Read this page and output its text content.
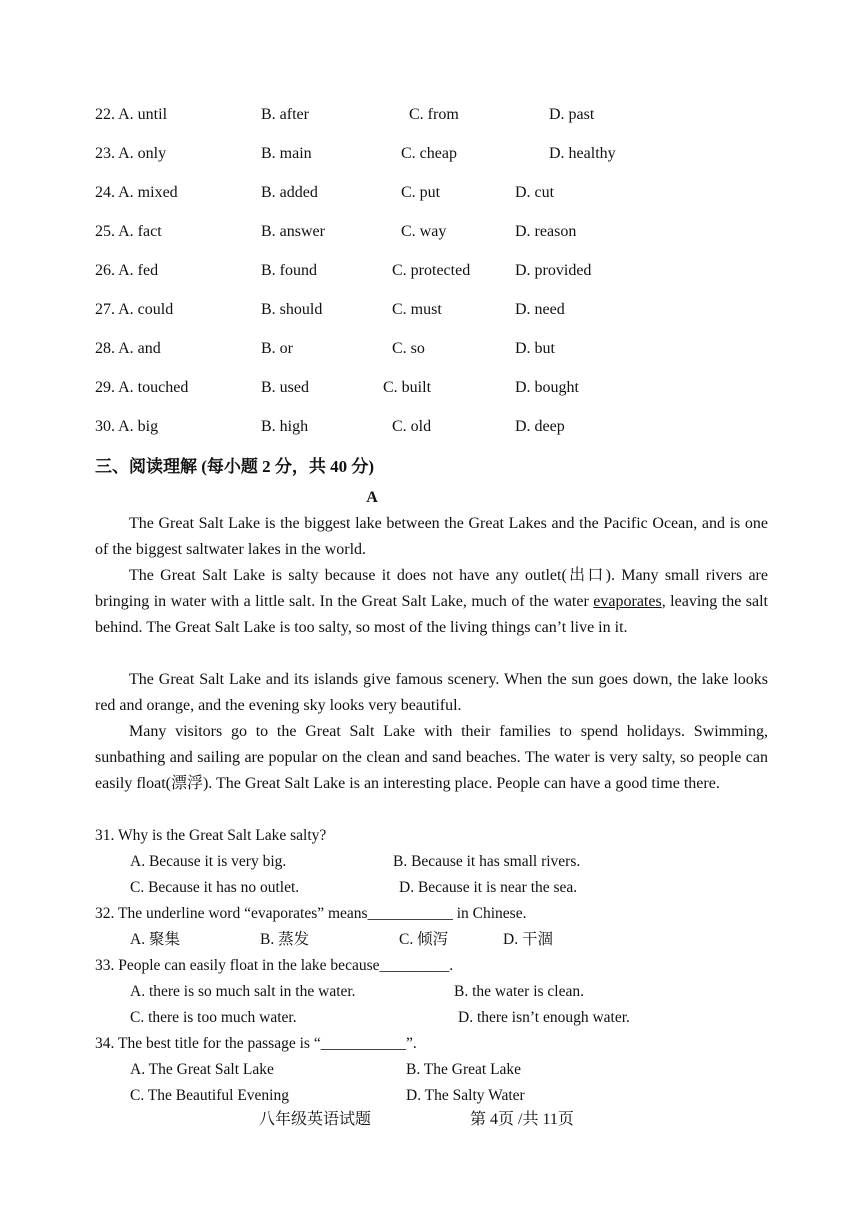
22. A. until	B. after	C. from	D. past
23. A. only	B. main	C. cheap	D. healthy
24. A. mixed	B. added	C. put	D. cut
25. A. fact	B. answer	C. way	D. reason
26. A. fed	B. found	C. protected	D. provided
27. A. could	B. should	C. must	D. need
28. A. and	B. or	C. so	D. but
29. A. touched	B. used	C. built	D. bought
30. A. big	B. high	C. old	D. deep
三、阅读理解 (每小题 2 分，共 40 分)
A

The Great Salt Lake is the biggest lake between the Great Lakes and the Pacific Ocean, and is one of the biggest saltwater lakes in the world.

The Great Salt Lake is salty because it does not have any outlet(出口). Many small rivers are bringing in water with a little salt. In the Great Salt Lake, much of the water evaporates, leaving the salt behind. The Great Salt Lake is too salty, so most of the living things can’t live in it.

The Great Salt Lake and its islands give famous scenery. When the sun goes down, the lake looks red and orange, and the evening sky looks very beautiful.

Many visitors go to the Great Salt Lake with their families to spend holidays. Swimming, sunbathing and sailing are popular on the clean and sand beaches. The water is very salty, so people can easily float(漂浮). The Great Salt Lake is an interesting place. People can have a good time there.

31. Why is the Great Salt Lake salty?
A. Because it is very big.	B. Because it has small rivers.
C. Because it has no outlet.	D. Because it is near the sea.
32. The underline word “evaporates” means___________ in Chinese.
A. 聚集	B. 蒸发	C. 倾泻	D. 干涸
33. People can easily float in the lake because_________.
A. there is so much salt in the water.	B. the water is clean.
C. there is too much water.	D. there isn’t enough water.
34. The best title for the passage is “___________”.
A. The Great Salt Lake	B. The Great Lake
C. The Beautiful Evening	D. The Salty Water
八年级英语试题	第 4页 /共 11页
